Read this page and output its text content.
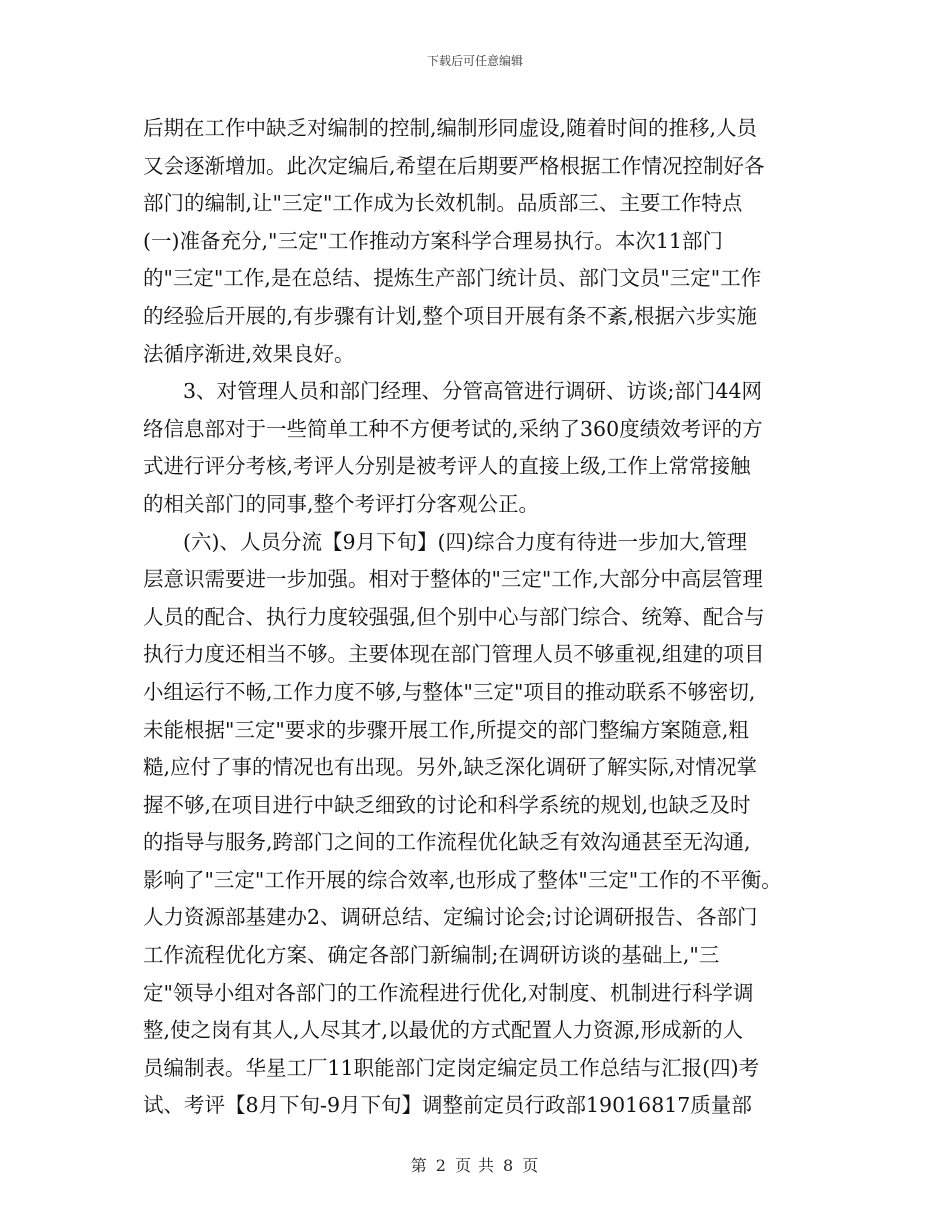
下载后可任意编辑
后期在工作中缺乏对编制的控制,编制形同虚设,随着时间的推移,人员
又会逐渐增加。此次定编后,希望在后期要严格根据工作情况控制好各
部门的编制,让"三定"工作成为长效机制。品质部三、主要工作特点
(一)准备充分,"三定"工作推动方案科学合理易执行。本次11部门
的"三定"工作,是在总结、提炼生产部门统计员、部门文员"三定"工作
的经验后开展的,有步骤有计划,整个项目开展有条不紊,根据六步实施
法循序渐进,效果良好。
3、对管理人员和部门经理、分管高管进行调研、访谈;部门44网
络信息部对于一些简单工种不方便考试的,采纳了360度绩效考评的方
式进行评分考核,考评人分别是被考评人的直接上级,工作上常常接触
的相关部门的同事,整个考评打分客观公正。
(六)、人员分流【9月下旬】(四)综合力度有待进一步加大,管理
层意识需要进一步加强。相对于整体的"三定"工作,大部分中高层管理
人员的配合、执行力度较强强,但个别中心与部门综合、统筹、配合与
执行力度还相当不够。主要体现在部门管理人员不够重视,组建的项目
小组运行不畅,工作力度不够,与整体"三定"项目的推动联系不够密切,
未能根据"三定"要求的步骤开展工作,所提交的部门整编方案随意,粗
糙,应付了事的情况也有出现。另外,缺乏深化调研了解实际,对情况掌
握不够,在项目进行中缺乏细致的讨论和科学系统的规划,也缺乏及时
的指导与服务,跨部门之间的工作流程优化缺乏有效沟通甚至无沟通,
影响了"三定"工作开展的综合效率,也形成了整体"三定"工作的不平衡。
人力资源部基建办2、调研总结、定编讨论会;讨论调研报告、各部门
工作流程优化方案、确定各部门新编制;在调研访谈的基础上,"三
定"领导小组对各部门的工作流程进行优化,对制度、机制进行科学调
整,使之岗有其人,人尽其才,以最优的方式配置人力资源,形成新的人
员编制表。华星工厂11职能部门定岗定编定员工作总结与汇报(四)考
试、考评【8月下旬-9月下旬】调整前定员行政部19016817质量部
第 2 页 共 8 页
